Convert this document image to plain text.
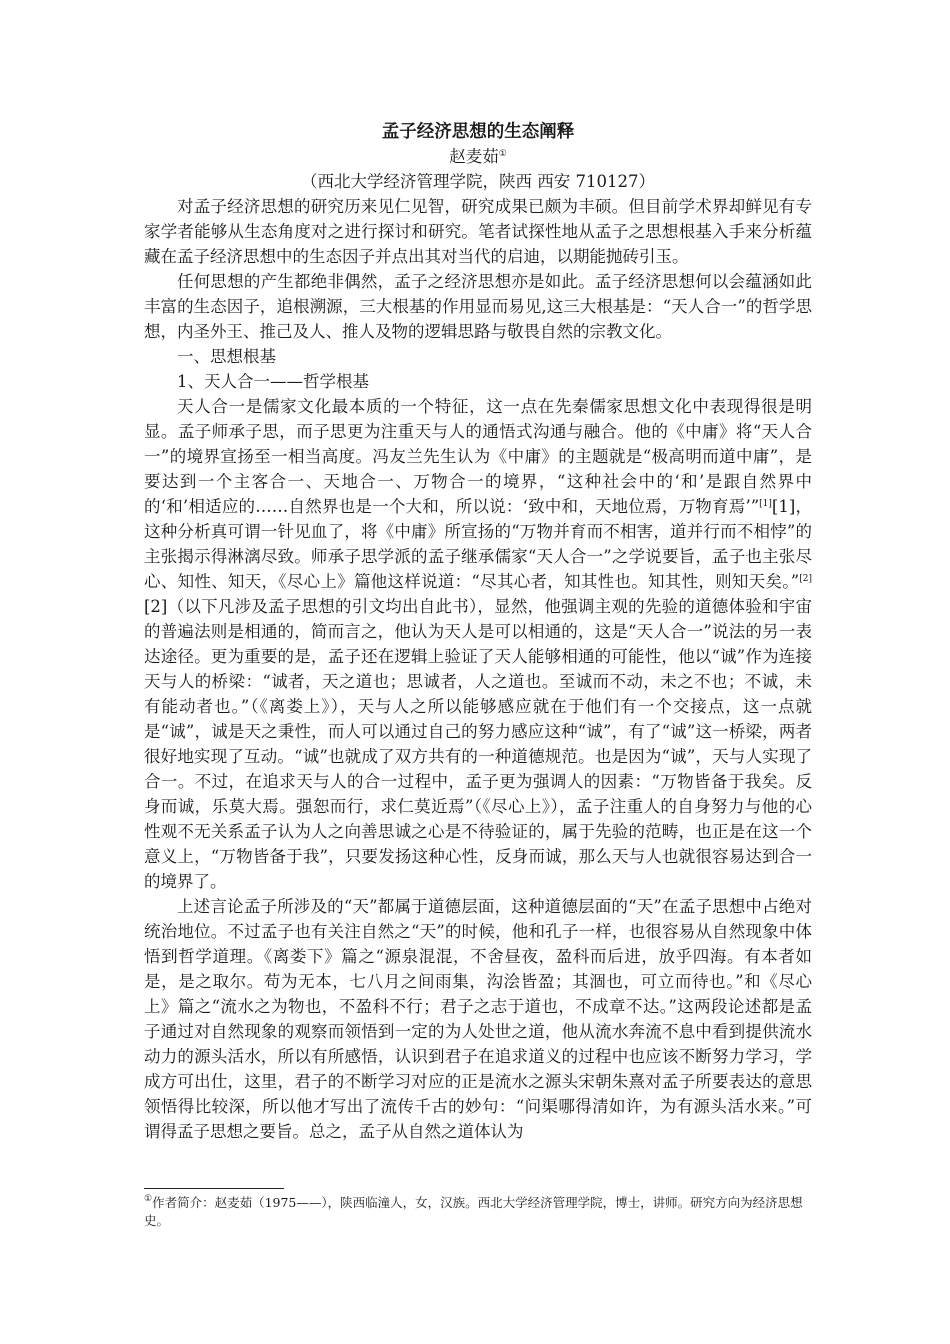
孟子经济思想的生态阐释

赵麦茹①

（西北大学经济管理学院，陕西 西安 710127）

对孟子经济思想的研究历来见仁见智，研究成果已颇为丰硕。但目前学术界却鲜见有专家学者能够从生态角度对之进行探讨和研究。笔者试探性地从孟子之思想根基入手来分析蕴藏在孟子经济思想中的生态因子并点出其对当代的启迪，以期能抛砖引玉。

任何思想的产生都绝非偶然，孟子之经济思想亦是如此。孟子经济思想何以会蕴涵如此丰富的生态因子，追根溯源，三大根基的作用显而易见,这三大根基是：“天人合一”的哲学思想，内圣外王、推己及人、推人及物的逻辑思路与敬畏自然的宗教文化。

一、思想根基

1、天人合一——哲学根基

天人合一是儒家文化最本质的一个特征，这一点在先秦儒家思想文化中表现得很是明显。孟子师承子思，而子思更为注重天与人的通悟式沟通与融合。他的《中庸》将“天人合一”的境界宣扬至一相当高度。冯友兰先生认为《中庸》的主题就是“极高明而道中庸”，是要达到一个主客合一、天地合一、万物合一的境界，“这种社会中的‘和’是跟自然界中的‘和’相适应的……自然界也是一个大和，所以说：‘致中和，天地位焉，万物育焉’”[1][1]，这种分析真可谓一针见血了，将《中庸》所宣扬的“万物并育而不相害，道并行而不相悖”的主张揭示得淋漓尽致。师承子思学派的孟子继承儒家“天人合一”之学说要旨，孟子也主张尽心、知性、知天，《尽心上》篇他这样说道：“尽其心者，知其性也。知其性，则知天矣。”[2][2]（以下凡涉及孟子思想的引文均出自此书），显然，他强调主观的先验的道德体验和宇宙的普遍法则是相通的，简而言之，他认为天人是可以相通的，这是“天人合一”说法的另一表达途径。更为重要的是，孟子还在逻辑上验证了天人能够相通的可能性，他以“诚”作为连接天与人的桥梁：“诚者，天之道也；思诚者，人之道也。至诚而不动，未之不也；不诚，未有能动者也。”（《离娄上》），天与人之所以能够感应就在于他们有一个交接点，这一点就是“诚”，诚是天之秉性，而人可以通过自己的努力感应这种“诚”，有了“诚”这一桥梁，两者很好地实现了互动。“诚”也就成了双方共有的一种道德规范。也是因为“诚”，天与人实现了合一。不过，在追求天与人的合一过程中，孟子更为强调人的因素：“万物皆备于我矣。反身而诚，乐莫大焉。强恕而行，求仁莫近焉”（《尽心上》），孟子注重人的自身努力与他的心性观不无关系孟子认为人之向善思诚之心是不待验证的，属于先验的范畴，也正是在这一个意义上，“万物皆备于我”，只要发扬这种心性，反身而诚，那么天与人也就很容易达到合一的境界了。

上述言论孟子所涉及的“天”都属于道德层面，这种道德层面的“天”在孟子思想中占绝对统治地位。不过孟子也有关注自然之“天”的时候，他和孔子一样，也很容易从自然现象中体悟到哲学道理。《离娄下》篇之“源泉混混，不舍昼夜，盈科而后进，放乎四海。有本者如是，是之取尔。苟为无本，七八月之间雨集，沟浍皆盈；其涸也，可立而待也。”和《尽心上》篇之“流水之为物也，不盈科不行；君子之志于道也，不成章不达。”这两段论述都是孟子通过对自然现象的观察而领悟到一定的为人处世之道，他从流水奔流不息中看到提供流水动力的源头活水，所以有所感悟，认识到君子在追求道义的过程中也应该不断努力学习，学成方可出仕，这里，君子的不断学习对应的正是流水之源头宋朝朱熹对孟子所要表达的意思领悟得比较深，所以他才写出了流传千古的妙句：“问渠哪得清如许，为有源头活水来。”可谓得孟子思想之要旨。总之，孟子从自然之道体认为

①作者简介：赵麦茹（1975——），陕西临潼人，女，汉族。西北大学经济管理学院，博士，讲师。研究方向为经济思想史。
